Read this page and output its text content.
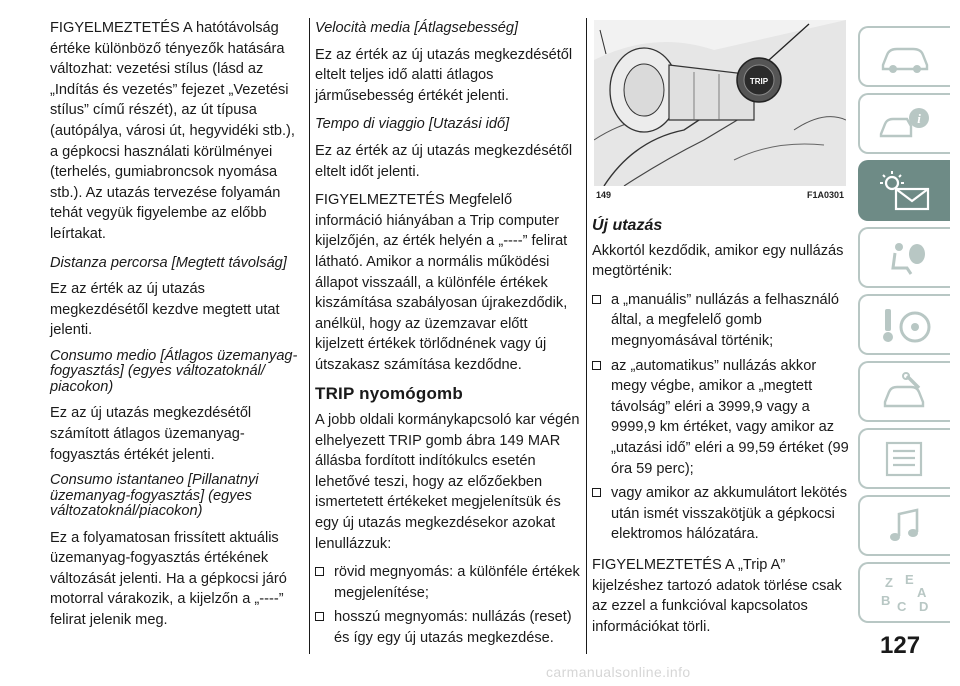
FIGYELMEZTETÉS A hatótávolság értéke különböző tényezők hatására változhat: vezetési stílus (lásd az „Indítás és vezetés” fejezet „Vezetési stílus” című részét), az út típusa (autópálya, városi út, hegyvidéki stb.), a gépkocsi használati körülményei (terhelés, gumiabroncsok nyomása stb.). Az utazás tervezése folyamán tehát vegyük figyelembe az előbb leírtakat.

Distanza percorsa [Megtett távolság]

Ez az érték az új utazás megkezdésétől kezdve megtett utat jelenti.

Consumo medio [Átlagos üzemanyag-fogyasztás] (egyes változatoknál/ piacokon)

Ez az új utazás megkezdésétől számított átlagos üzemanyag-fogyasztás értékét jelenti.

Consumo istantaneo [Pillanatnyi üzemanyag-fogyasztás] (egyes változatoknál/piacokon)

Ez a folyamatosan frissített aktuális üzemanyag-fogyasztás értékének változását jelenti. Ha a gépkocsi járó motorral várakozik, a kijelzőn a „----” felirat jelenik meg.

Velocità media [Átlagsebesség]

Ez az érték az új utazás megkezdésétől eltelt teljes idő alatti átlagos járműsebesség értékét jelenti.

Tempo di viaggio [Utazási idő]

Ez az érték az új utazás megkezdésétől eltelt időt jelenti.

FIGYELMEZTETÉS Megfelelő információ hiányában a Trip computer kijelzőjén, az érték helyén a „----” felirat látható. Amikor a normális működési állapot visszaáll, a különféle értékek kiszámítása szabályosan újrakezdődik, anélkül, hogy az üzemzavar előtt kijelzett értékek törlődnének vagy új útszakasz számítása kezdődne.

TRIP nyomógomb

A jobb oldali kormánykapcsoló kar végén elhelyezett TRIP gomb ábra 149 MAR állásba fordított indítókulcs esetén lehetővé teszi, hogy az előzőekben ismertetett értékeket megjelenítsük és egy új utazás megkezdésekor azokat lenullázzuk:

rövid megnyomás: a különféle értékek megjelenítése;
hosszú megnyomás: nullázás (reset) és így egy új utazás megkezdése.
TRIP
149	F1A0301
Új utazás

Akkortól kezdődik, amikor egy nullázás megtörténik:

a „manuális” nullázás a felhasználó által, a megfelelő gomb megnyomásával történik;
az „automatikus” nullázás akkor megy végbe, amikor a „megtett távolság” eléri a 3999,9 vagy a 9999,9 km értéket, vagy amikor az „utazási idő” eléri a 99,59 értéket (99 óra 59 perc);
vagy amikor az akkumulátort lekötés után ismét visszakötjük a gépkocsi elektromos hálózatára.

FIGYELMEZTETÉS A „Trip A” kijelzéshez tartozó adatok törlése csak az ezzel a funkcióval kapcsolatos információkat törli.

i
Z E
A
B C D
127
carmanualsonline.info
